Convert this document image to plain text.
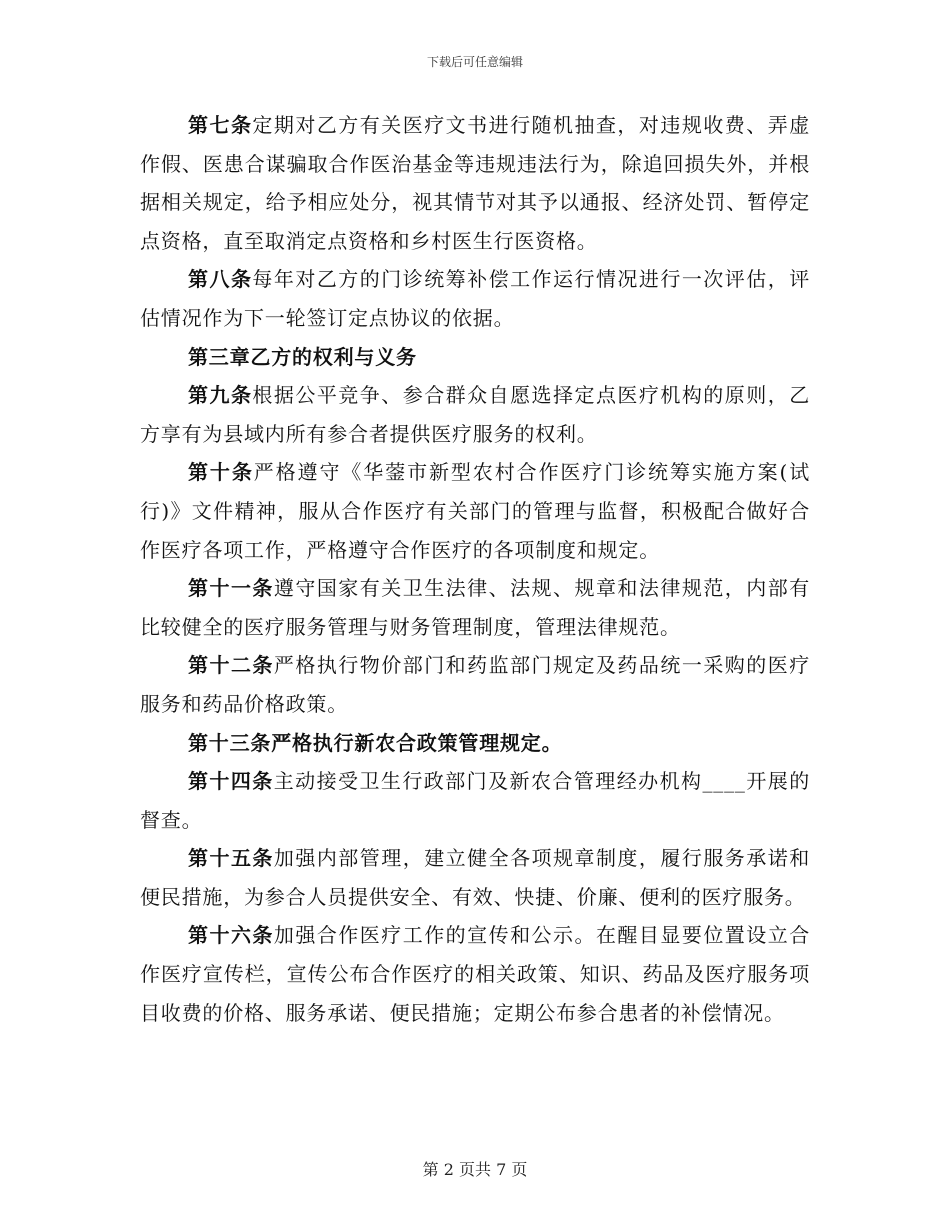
下载后可任意编辑

第七条定期对乙方有关医疗文书进行随机抽查，对违规收费、弄虚作假、医患合谋骗取合作医治基金等违规违法行为，除追回损失外，并根据相关规定，给予相应处分，视其情节对其予以通报、经济处罚、暂停定点资格，直至取消定点资格和乡村医生行医资格。

第八条每年对乙方的门诊统筹补偿工作运行情况进行一次评估，评估情况作为下一轮签订定点协议的依据。

第三章乙方的权利与义务

第九条根据公平竞争、参合群众自愿选择定点医疗机构的原则，乙方享有为县域内所有参合者提供医疗服务的权利。

第十条严格遵守《华蓥市新型农村合作医疗门诊统筹实施方案(试行)》文件精神，服从合作医疗有关部门的管理与监督，积极配合做好合作医疗各项工作，严格遵守合作医疗的各项制度和规定。

第十一条遵守国家有关卫生法律、法规、规章和法律规范，内部有比较健全的医疗服务管理与财务管理制度，管理法律规范。

第十二条严格执行物价部门和药监部门规定及药品统一采购的医疗服务和药品价格政策。

第十三条严格执行新农合政策管理规定。

第十四条主动接受卫生行政部门及新农合管理经办机构____开展的督查。

第十五条加强内部管理，建立健全各项规章制度，履行服务承诺和便民措施，为参合人员提供安全、有效、快捷、价廉、便利的医疗服务。

第十六条加强合作医疗工作的宣传和公示。在醒目显要位置设立合作医疗宣传栏，宣传公布合作医疗的相关政策、知识、药品及医疗服务项目收费的价格、服务承诺、便民措施；定期公布参合患者的补偿情况。

第 2 页共 7 页
